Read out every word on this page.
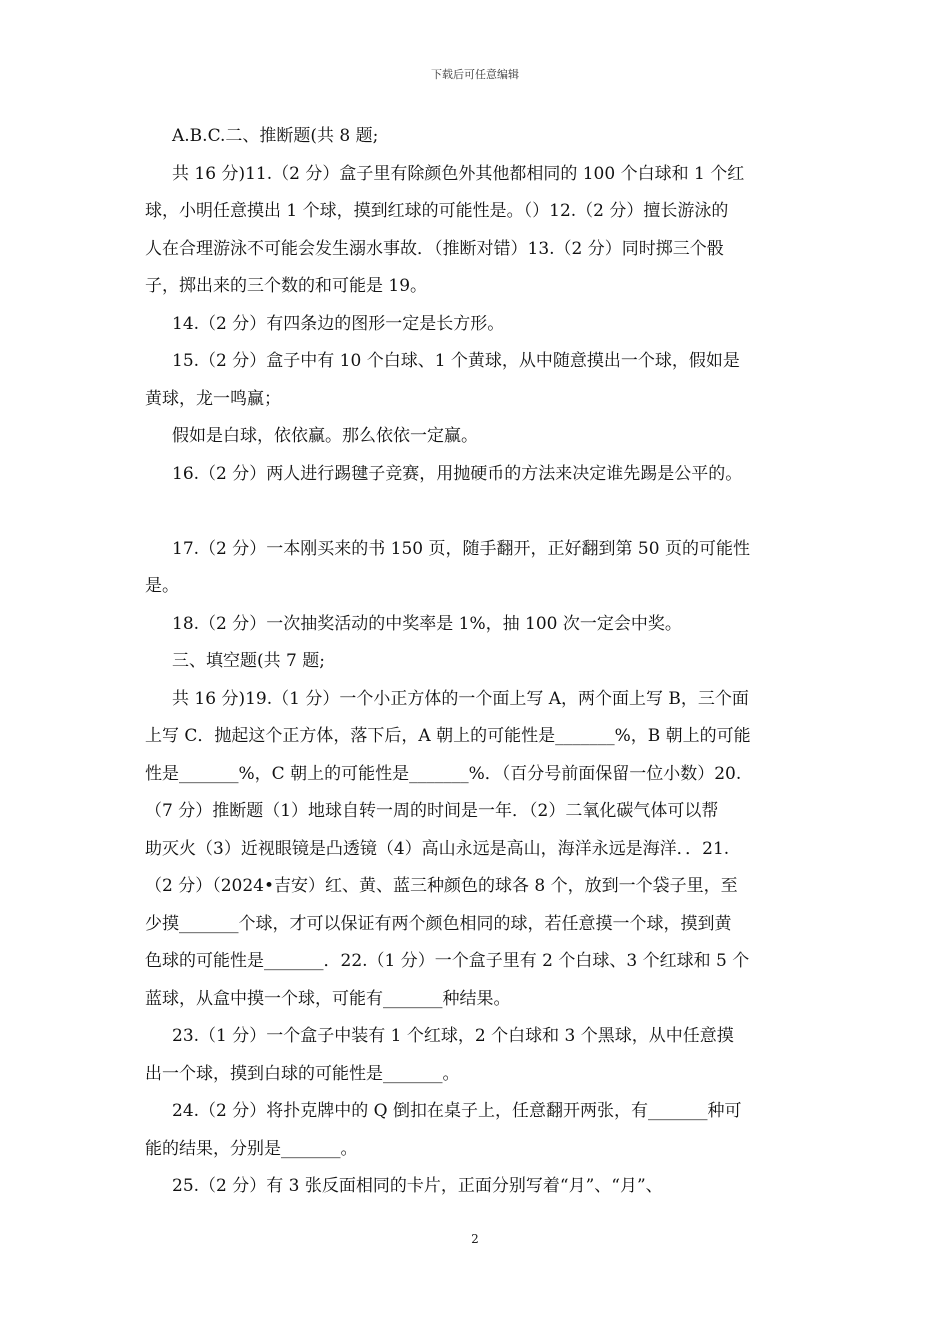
下载后可任意编辑
A.B.C.二、推断题(共 8 题;
共 16 分)11.（2 分）盒子里有除颜色外其他都相同的 100 个白球和 1 个红
球，小明任意摸出 1 个球，摸到红球的可能性是。（）12.（2 分）擅长游泳的
人在合理游泳不可能会发生溺水事故．（推断对错）13.（2 分）同时掷三个骰
子，掷出来的三个数的和可能是 19。
14.（2 分）有四条边的图形一定是长方形。
15.（2 分）盒子中有 10 个白球、1 个黄球，从中随意摸出一个球，假如是
黄球，龙一鸣赢；
假如是白球，依依赢。那么依依一定赢。
16.（2 分）两人进行踢毽子竞赛，用抛硬币的方法来决定谁先踢是公平的。
17.（2 分）一本刚买来的书 150 页，随手翻开，正好翻到第 50 页的可能性
是。
18.（2 分）一次抽奖活动的中奖率是 1%，抽 100 次一定会中奖。
三、填空题(共 7 题;
共 16 分)19.（1 分）一个小正方体的一个面上写 A，两个面上写 B，三个面
上写 C．抛起这个正方体，落下后，A 朝上的可能性是_______%，B 朝上的可能
性是_______%，C 朝上的可能性是_______%．（百分号前面保留一位小数）20.
（7 分）推断题（1）地球自转一周的时间是一年．（2）二氧化碳气体可以帮
助灭火（3）近视眼镜是凸透镜（4）高山永远是高山，海洋永远是海洋．．21.
（2 分）（2024•吉安）红、黄、蓝三种颜色的球各 8 个，放到一个袋子里，至
少摸_______个球，才可以保证有两个颜色相同的球，若任意摸一个球，摸到黄
色球的可能性是_______．22.（1 分）一个盒子里有 2 个白球、3 个红球和 5 个
蓝球，从盒中摸一个球，可能有_______种结果。
23.（1 分）一个盒子中装有 1 个红球，2 个白球和 3 个黑球，从中任意摸
出一个球，摸到白球的可能性是_______。
24.（2 分）将扑克牌中的 Q 倒扣在桌子上，任意翻开两张，有_______种可
能的结果，分别是_______。
25.（2 分）有 3 张反面相同的卡片，正面分别写着“月”、“月”、
2
